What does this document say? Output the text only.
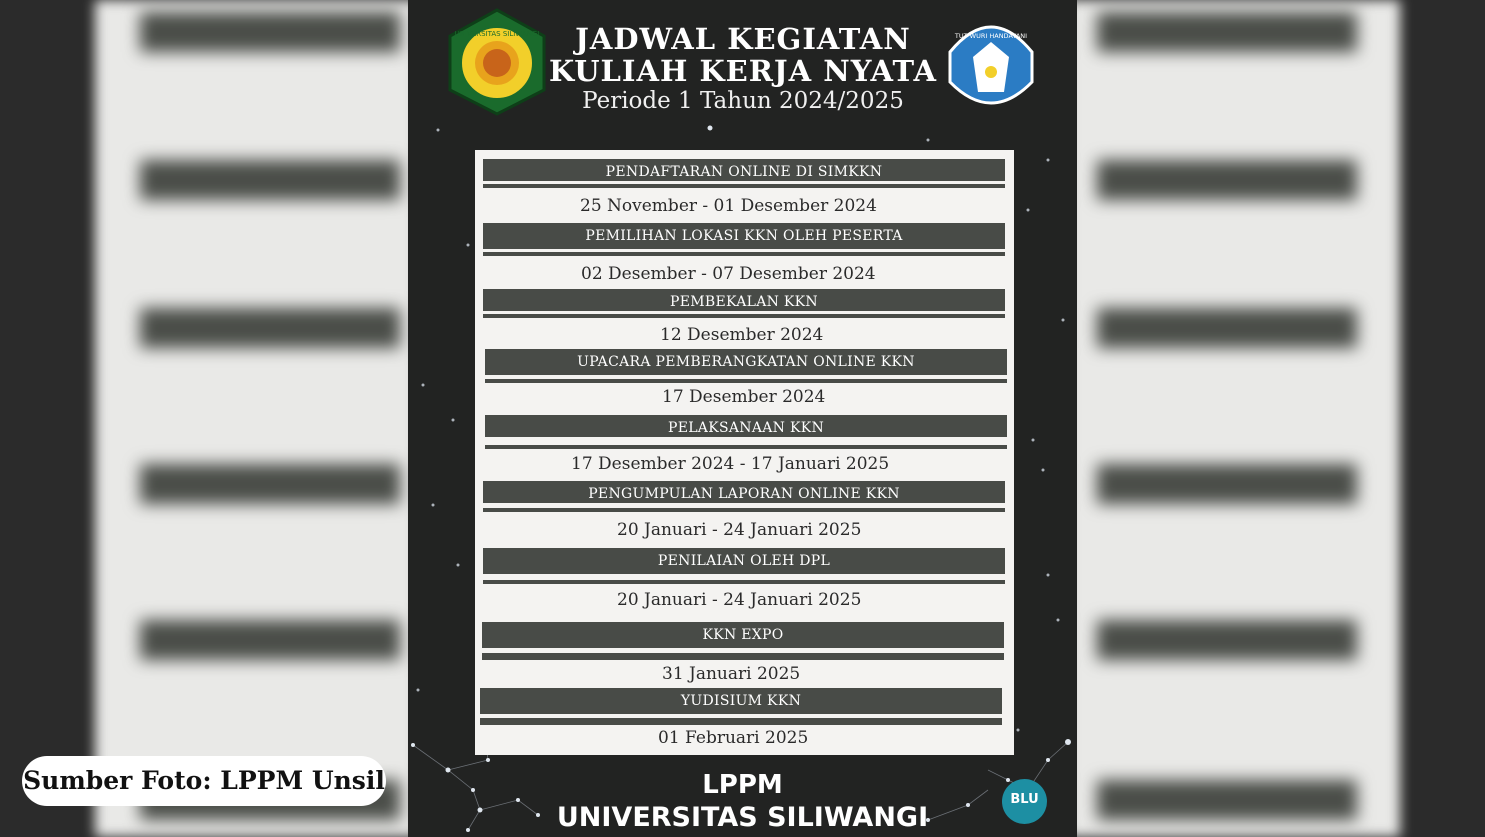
UNIVERSITAS SILIWANGI	TUT WURI HANDAYANI
JADWAL KEGIATAN
KULIAH KERJA NYATA
Periode 1 Tahun 2024/2025
PENDAFTARAN ONLINE DI SIMKKN
25 November - 01 Desember 2024
PEMILIHAN LOKASI KKN OLEH PESERTA
02 Desember - 07 Desember 2024
PEMBEKALAN KKN
12 Desember 2024
UPACARA PEMBERANGKATAN ONLINE KKN
17 Desember 2024
PELAKSANAAN KKN
17 Desember 2024 - 17 Januari 2025
PENGUMPULAN LAPORAN ONLINE KKN
20 Januari - 24 Januari 2025
PENILAIAN OLEH DPL
20 Januari - 24 Januari 2025
KKN EXPO
31 Januari 2025
YUDISIUM KKN
01 Februari 2025
LPPM
UNIVERSITAS SILIWANGI
BLU
Sumber Foto: LPPM Unsil
